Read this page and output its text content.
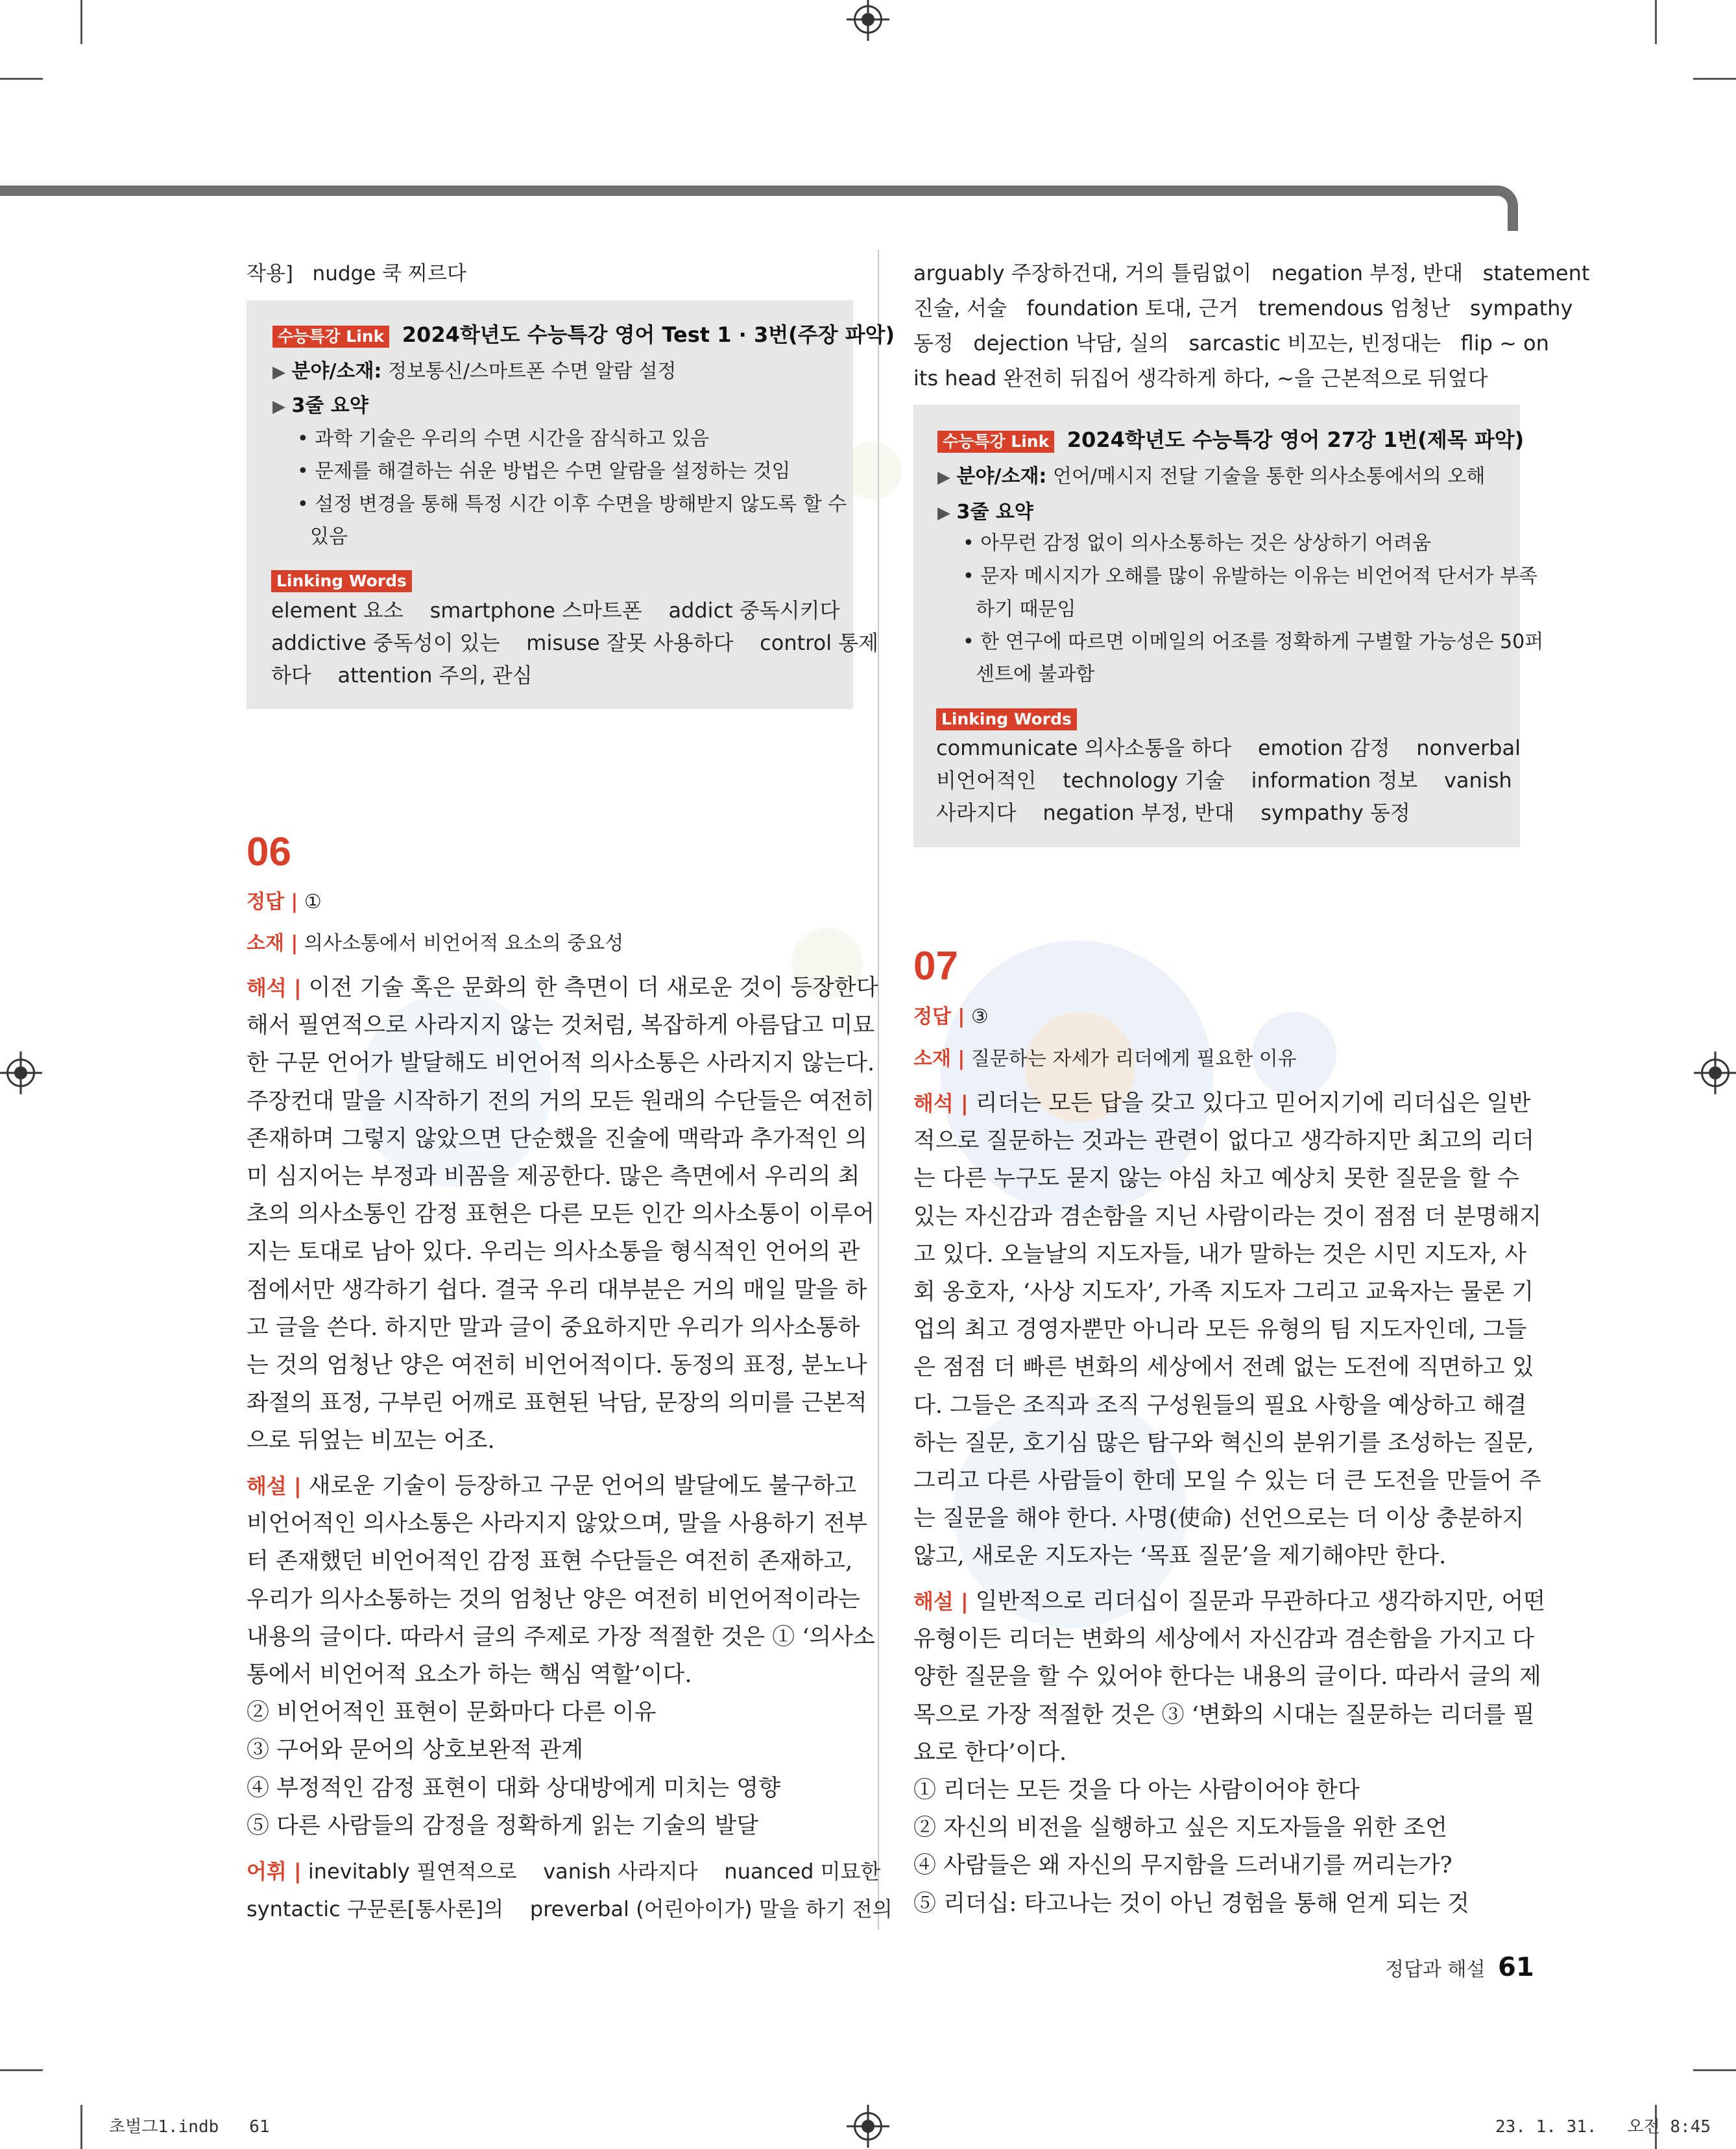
작용]   nudge 쿡 찌르다
수능특강 Link 2024학년도 수능특강 영어 Test 1 · 3번(주장 파악)
▶ 분야/소재: 정보통신/스마트폰 수면 알람 설정
▶ 3줄 요약
• 과학 기술은 우리의 수면 시간을 잠식하고 있음
• 문제를 해결하는 쉬운 방법은 수면 알람을 설정하는 것임
• 설정 변경을 통해 특정 시간 이후 수면을 방해받지 않도록 할 수
있음
Linking Words
element 요소    smartphone 스마트폰    addict 중독시키다
addictive 중독성이 있는    misuse 잘못 사용하다    control 통제
하다    attention 주의, 관심
06
정답 | ①
소재 | 의사소통에서 비언어적 요소의 중요성
해석 | 이전 기술 혹은 문화의 한 측면이 더 새로운 것이 등장한다
해서 필연적으로 사라지지 않는 것처럼, 복잡하게 아름답고 미묘
한 구문 언어가 발달해도 비언어적 의사소통은 사라지지 않는다.
주장컨대 말을 시작하기 전의 거의 모든 원래의 수단들은 여전히
존재하며 그렇지 않았으면 단순했을 진술에 맥락과 추가적인 의
미 심지어는 부정과 비꼼을 제공한다. 많은 측면에서 우리의 최
초의 의사소통인 감정 표현은 다른 모든 인간 의사소통이 이루어
지는 토대로 남아 있다. 우리는 의사소통을 형식적인 언어의 관
점에서만 생각하기 쉽다. 결국 우리 대부분은 거의 매일 말을 하
고 글을 쓴다. 하지만 말과 글이 중요하지만 우리가 의사소통하
는 것의 엄청난 양은 여전히 비언어적이다. 동정의 표정, 분노나
좌절의 표정, 구부린 어깨로 표현된 낙담, 문장의 의미를 근본적
으로 뒤엎는 비꼬는 어조.
해설 | 새로운 기술이 등장하고 구문 언어의 발달에도 불구하고
비언어적인 의사소통은 사라지지 않았으며, 말을 사용하기 전부
터 존재했던 비언어적인 감정 표현 수단들은 여전히 존재하고,
우리가 의사소통하는 것의 엄청난 양은 여전히 비언어적이라는
내용의 글이다. 따라서 글의 주제로 가장 적절한 것은 ① ‘의사소
통에서 비언어적 요소가 하는 핵심 역할’이다.
② 비언어적인 표현이 문화마다 다른 이유
③ 구어와 문어의 상호보완적 관계
④ 부정적인 감정 표현이 대화 상대방에게 미치는 영향
⑤ 다른 사람들의 감정을 정확하게 읽는 기술의 발달
어휘 | inevitably 필연적으로    vanish 사라지다    nuanced 미묘한
syntactic 구문론[통사론]의    preverbal (어린아이가) 말을 하기 전의
arguably 주장하건대, 거의 틀림없이   negation 부정, 반대   statement
진술, 서술   foundation 토대, 근거   tremendous 엄청난   sympathy
동정   dejection 낙담, 실의   sarcastic 비꼬는, 빈정대는   flip ~ on
its head 완전히 뒤집어 생각하게 하다, ~을 근본적으로 뒤엎다
수능특강 Link 2024학년도 수능특강 영어 27강 1번(제목 파악)
▶ 분야/소재: 언어/메시지 전달 기술을 통한 의사소통에서의 오해
▶ 3줄 요약
• 아무런 감정 없이 의사소통하는 것은 상상하기 어려움
• 문자 메시지가 오해를 많이 유발하는 이유는 비언어적 단서가 부족
하기 때문임
• 한 연구에 따르면 이메일의 어조를 정확하게 구별할 가능성은 50퍼
센트에 불과함
Linking Words
communicate 의사소통을 하다    emotion 감정    nonverbal
비언어적인    technology 기술    information 정보    vanish
사라지다    negation 부정, 반대    sympathy 동정
07
정답 | ③
소재 | 질문하는 자세가 리더에게 필요한 이유
해석 | 리더는 모든 답을 갖고 있다고 믿어지기에 리더십은 일반
적으로 질문하는 것과는 관련이 없다고 생각하지만 최고의 리더
는 다른 누구도 묻지 않는 야심 차고 예상치 못한 질문을 할 수
있는 자신감과 겸손함을 지닌 사람이라는 것이 점점 더 분명해지
고 있다. 오늘날의 지도자들, 내가 말하는 것은 시민 지도자, 사
회 옹호자, ‘사상 지도자’, 가족 지도자 그리고 교육자는 물론 기
업의 최고 경영자뿐만 아니라 모든 유형의 팀 지도자인데, 그들
은 점점 더 빠른 변화의 세상에서 전례 없는 도전에 직면하고 있
다. 그들은 조직과 조직 구성원들의 필요 사항을 예상하고 해결
하는 질문, 호기심 많은 탐구와 혁신의 분위기를 조성하는 질문,
그리고 다른 사람들이 한데 모일 수 있는 더 큰 도전을 만들어 주
는 질문을 해야 한다. 사명(使命) 선언으로는 더 이상 충분하지
않고, 새로운 지도자는 ‘목표 질문’을 제기해야만 한다.
해설 | 일반적으로 리더십이 질문과 무관하다고 생각하지만, 어떤
유형이든 리더는 변화의 세상에서 자신감과 겸손함을 가지고 다
양한 질문을 할 수 있어야 한다는 내용의 글이다. 따라서 글의 제
목으로 가장 적절한 것은 ③ ‘변화의 시대는 질문하는 리더를 필
요로 한다’이다.
① 리더는 모든 것을 다 아는 사람이어야 한다
② 자신의 비전을 실행하고 싶은 지도자들을 위한 조언
④ 사람들은 왜 자신의 무지함을 드러내기를 꺼리는가?
⑤ 리더십: 타고나는 것이 아닌 경험을 통해 얻게 되는 것
정답과 해설 61
초벌그1.indb   61	23. 1. 31.   오전 8:45
